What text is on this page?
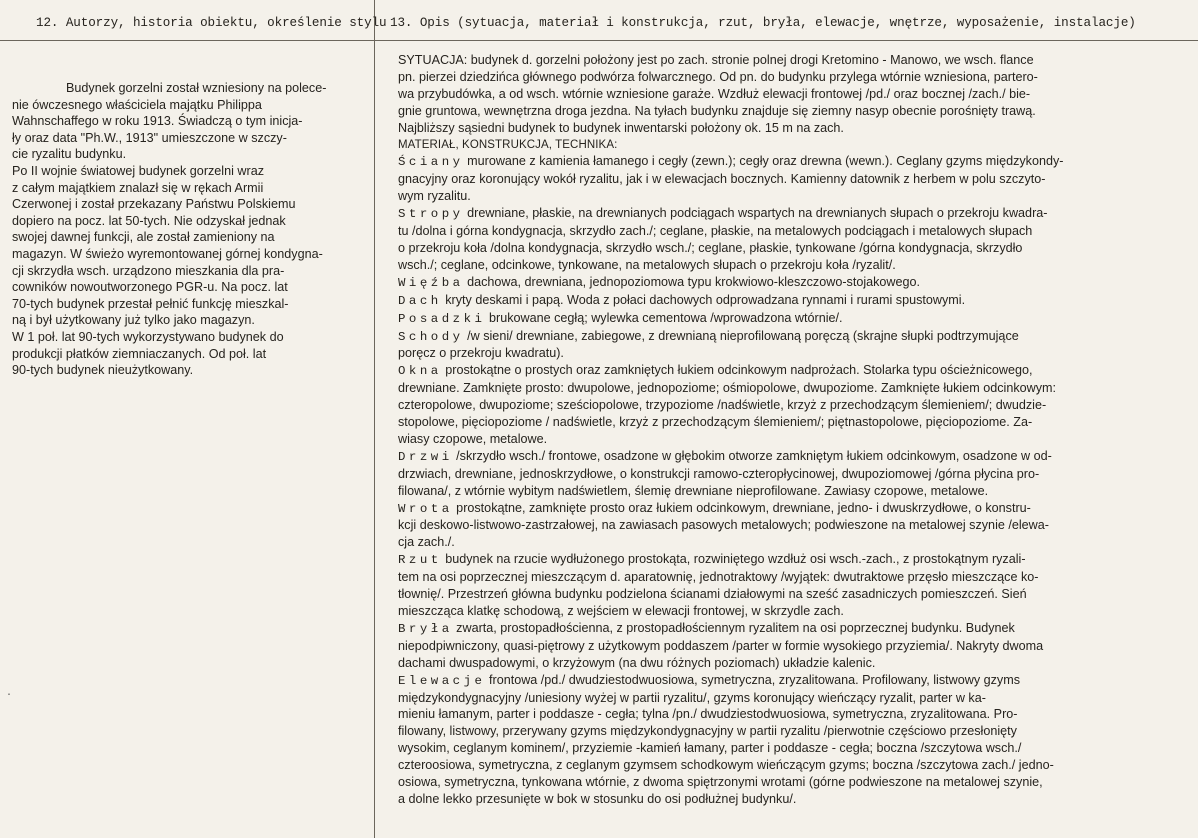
12. Autorzy, historia obiektu, określenie stylu 13. Opis (sytuacja, materiał i konstrukcja, rzut, bryła, elewacje, wnętrze, wyposażenie, instalacje)
Budynek gorzelni został wzniesiony na polece-
nie ówczesnego właściciela majątku Philippa
Wahnschaffego w roku 1913. Świadczą o tym inicja-
ły oraz data "Ph.W., 1913" umieszczone w szczy-
cie ryzalitu budynku.
Po II wojnie światowej budynek gorzelni wraz
z całym majątkiem znalazł się w rękach Armii
Czerwonej i został przekazany Państwu Polskiemu
dopiero na pocz. lat 50-tych. Nie odzyskał jednak
swojej dawnej funkcji, ale został zamieniony na
magazyn. W świeżo wyremontowanej górnej kondygna-
cji skrzydła wsch. urządzono mieszkania dla pra-
cowników nowoutworzonego PGR-u. Na pocz. lat
70-tych budynek przestał pełnić funkcję mieszkal-
ną i był użytkowany już tylko jako magazyn.
W 1 poł. lat 90-tych wykorzystywano budynek do
produkcji płatków ziemniaczanych. Od poł. lat
90-tych budynek nieużytkowany.
SYTUACJA: budynek d. gorzelni położony jest po zach. stronie polnej drogi Kretomino - Manowo, we wsch. flance
pn. pierzei dziedzińca głównego podwórza folwarcznego. Od pn. do budynku przylega wtórnie wzniesiona, partero-
wa przybudówka, a od wsch. wtórnie wzniesione garaże. Wzdłuż elewacji frontowej /pd./ oraz bocznej /zach./ bie-
gnie gruntowa, wewnętrzna droga jezdna. Na tyłach budynku znajduje się ziemny nasyp obecnie porośnięty trawą.
Najbliższy sąsiedni budynek to budynek inwentarski położony ok. 15 m na zach.
MATERIAŁ, KONSTRUKCJA, TECHNIKA:
Ściany murowane z kamienia łamanego i cegły (zewn.); cegły oraz drewna (wewn.). Ceglany gzyms międzykondy-
gnacyjny oraz koronujący wokół ryzalitu, jak i w elewacjach bocznych. Kamienny datownik z herbem w polu szczyto-
wym ryzalitu.
Stropy drewniane, płaskie, na drewnianych podciągach wspartych na drewnianych słupach o przekroju kwadra-
tu /dolna i górna kondygnacja, skrzydło zach./; ceglane, płaskie, na metalowych podciągach i metalowych słupach
o przekroju koła /dolna kondygnacja, skrzydło wsch./; ceglane, płaskie, tynkowane /górna kondygnacja, skrzydło
wsch./; ceglane, odcinkowe, tynkowane, na metalowych słupach o przekroju koła /ryzalit/.
Więźba dachowa, drewniana, jednopoziomowa typu krokwiowo-kleszczowo-stojakowego.
Dach kryty deskami i papą. Woda z połaci dachowych odprowadzana rynnami i rurami spustowymi.
Posadzki brukowane cegłą; wylewka cementowa /wprowadzona wtórnie/.
Schody /w sieni/ drewniane, zabiegowe, z drewnianą nieprofilowaną poręczą (skrajne słupki podtrzymujące
poręcz o przekroju kwadratu).
Okna prostokątne o prostych oraz zamkniętych łukiem odcinkowym nadprożach. Stolarka typu ościeżnicowego,
drewniane. Zamknięte prosto: dwupolowe, jednopoziome; ośmiopolowe, dwupoziome. Zamknięte łukiem odcinkowym:
czteropolowe, dwupoziome; sześciopolowe, trzypoziome /nadświetle, krzyż z przechodzącym ślemieniem/; dwudzie-
stopolowe, pięciopoziome / nadświetle, krzyż z przechodzącym ślemieniem/; piętnastopolowe, pięciopoziome. Za-
wiasy czopowe, metalowe.
Drzwi /skrzydło wsch./ frontowe, osadzone w głębokim otworze zamkniętym łukiem odcinkowym, osadzone w od-
drzwiach, drewniane, jednoskrzydłowe, o konstrukcji ramowo-czteropłycinowej, dwupoziomowej /górna płycina pro-
filowana/, z wtórnie wybitym nadświetlem, ślemię drewniane nieprofilowane. Zawiasy czopowe, metalowe.
Wrota prostokątne, zamknięte prosto oraz łukiem odcinkowym, drewniane, jedno- i dwuskrzydłowe, o konstru-
kcji deskowo-listwowo-zastrzałowej, na zawiasach pasowych metalowych; podwieszone na metalowej szynie /elewa-
cja zach./.
Rzut budynek na rzucie wydłużonego prostokąta, rozwiniętego wzdłuż osi wsch.-zach., z prostokątnym ryzali-
tem na osi poprzecznej mieszczącym d. aparatownię, jednotraktowy /wyjątek: dwutraktowe przęsło mieszczące ko-
tłownię/. Przestrzeń główna budynku podzielona ścianami działowymi na sześć zasadniczych pomieszczeń. Sień
mieszcząca klatkę schodową, z wejściem w elewacji frontowej, w skrzydle zach.
Bryła zwarta, prostopadłościenna, z prostopadłościennym ryzalitem na osi poprzecznej budynku. Budynek
niepodpiwniczony, quasi-piętrowy z użytkowym poddaszem /parter w formie wysokiego przyziemia/. Nakryty dwoma
dachami dwuspadowymi, o krzyżowym (na dwu różnych poziomach) układzie kalenic.
Elewacje frontowa /pd./ dwudziestodwuosiowa, symetryczna, zryzalitowana. Profilowany, listwowy gzyms
międzykondygnacyjny /uniesiony wyżej w partii ryzalitu/, gzyms koronujący wieńczący ryzalit, parter w ka-
mieniu łamanym, parter i poddasze - cegła; tylna /pn./ dwudziestodwuosiowa, symetryczna, zryzalitowana. Pro-
filowany, listwowy, przerywany gzyms międzykondygnacyjny w partii ryzalitu /pierwotnie częściowo przesłonięty
wysokim, ceglanym kominem/, przyziemie -kamień łamany, parter i poddasze - cegła; boczna /szczytowa wsch./
czteroosiowa, symetryczna, z ceglanym gzymsem schodkowym wieńczącym gzyms; boczna /szczytowa zach./ jedno-
osiowa, symetryczna, tynkowana wtórnie, z dwoma spiętrzonymi wrotami (górne podwieszone na metalowej szynie,
a dolne lekko przesunięte w bok w stosunku do osi podłużnej budynku/.
·
